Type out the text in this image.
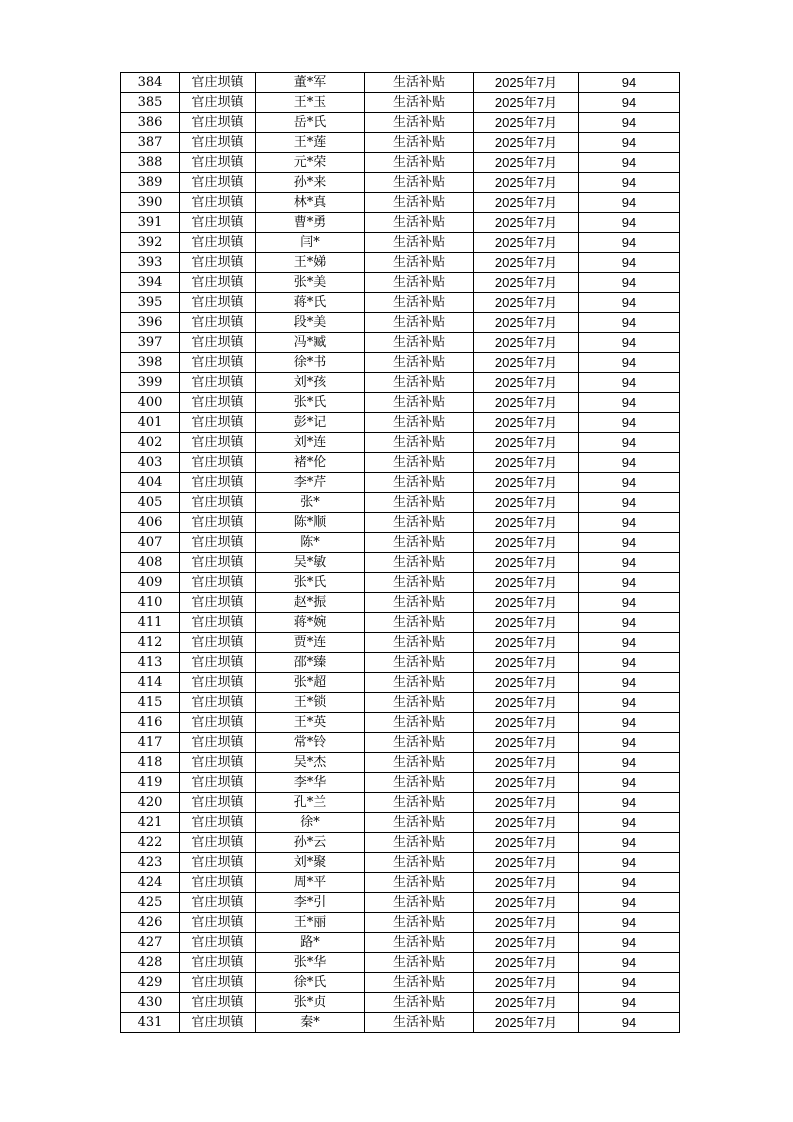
384	官庄坝镇	董*军	生活补贴	2025年7月	94
385	官庄坝镇	王*玉	生活补贴	2025年7月	94
386	官庄坝镇	岳*氏	生活补贴	2025年7月	94
387	官庄坝镇	王*莲	生活补贴	2025年7月	94
388	官庄坝镇	元*荣	生活补贴	2025年7月	94
389	官庄坝镇	孙*来	生活补贴	2025年7月	94
390	官庄坝镇	林*真	生活补贴	2025年7月	94
391	官庄坝镇	曹*勇	生活补贴	2025年7月	94
392	官庄坝镇	闫*	生活补贴	2025年7月	94
393	官庄坝镇	王*娣	生活补贴	2025年7月	94
394	官庄坝镇	张*美	生活补贴	2025年7月	94
395	官庄坝镇	蒋*氏	生活补贴	2025年7月	94
396	官庄坝镇	段*美	生活补贴	2025年7月	94
397	官庄坝镇	冯*臧	生活补贴	2025年7月	94
398	官庄坝镇	徐*书	生活补贴	2025年7月	94
399	官庄坝镇	刘*孩	生活补贴	2025年7月	94
400	官庄坝镇	张*氏	生活补贴	2025年7月	94
401	官庄坝镇	彭*记	生活补贴	2025年7月	94
402	官庄坝镇	刘*连	生活补贴	2025年7月	94
403	官庄坝镇	褚*伦	生活补贴	2025年7月	94
404	官庄坝镇	李*芹	生活补贴	2025年7月	94
405	官庄坝镇	张*	生活补贴	2025年7月	94
406	官庄坝镇	陈*顺	生活补贴	2025年7月	94
407	官庄坝镇	陈*	生活补贴	2025年7月	94
408	官庄坝镇	吴*敏	生活补贴	2025年7月	94
409	官庄坝镇	张*氏	生活补贴	2025年7月	94
410	官庄坝镇	赵*振	生活补贴	2025年7月	94
411	官庄坝镇	蒋*婉	生活补贴	2025年7月	94
412	官庄坝镇	贾*连	生活补贴	2025年7月	94
413	官庄坝镇	邵*臻	生活补贴	2025年7月	94
414	官庄坝镇	张*超	生活补贴	2025年7月	94
415	官庄坝镇	王*锁	生活补贴	2025年7月	94
416	官庄坝镇	王*英	生活补贴	2025年7月	94
417	官庄坝镇	常*铃	生活补贴	2025年7月	94
418	官庄坝镇	吴*杰	生活补贴	2025年7月	94
419	官庄坝镇	李*华	生活补贴	2025年7月	94
420	官庄坝镇	孔*兰	生活补贴	2025年7月	94
421	官庄坝镇	徐*	生活补贴	2025年7月	94
422	官庄坝镇	孙*云	生活补贴	2025年7月	94
423	官庄坝镇	刘*聚	生活补贴	2025年7月	94
424	官庄坝镇	周*平	生活补贴	2025年7月	94
425	官庄坝镇	李*引	生活补贴	2025年7月	94
426	官庄坝镇	王*丽	生活补贴	2025年7月	94
427	官庄坝镇	路*	生活补贴	2025年7月	94
428	官庄坝镇	张*华	生活补贴	2025年7月	94
429	官庄坝镇	徐*氏	生活补贴	2025年7月	94
430	官庄坝镇	张*贞	生活补贴	2025年7月	94
431	官庄坝镇	秦*	生活补贴	2025年7月	94
